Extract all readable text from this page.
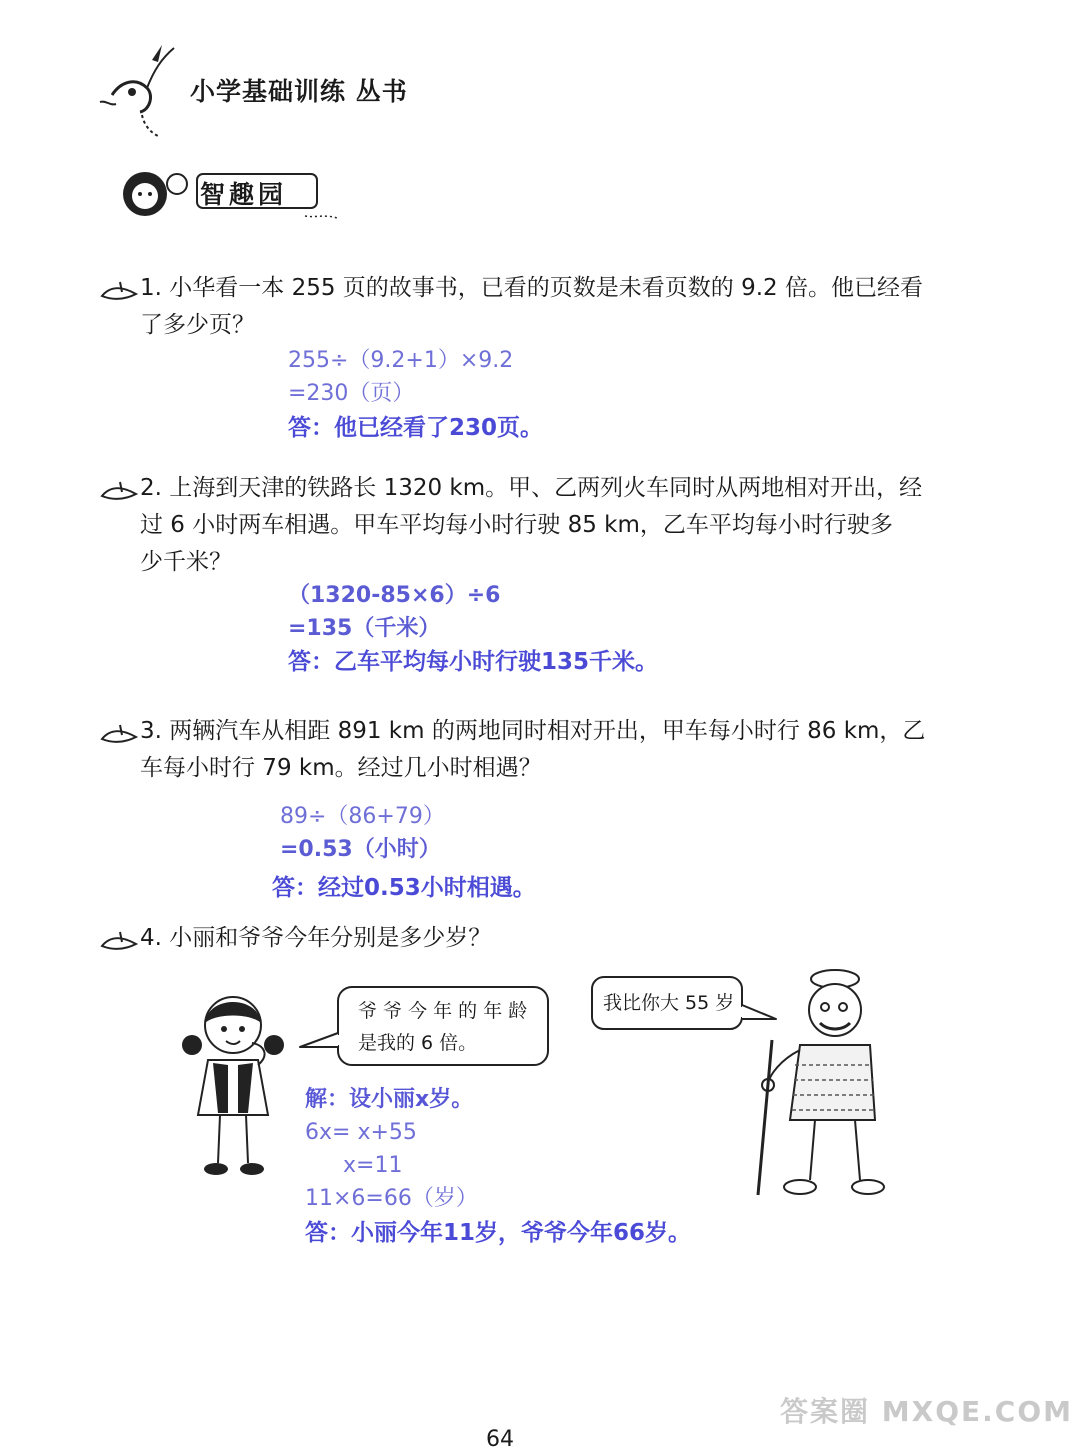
小学基础训练 丛书
智趣园
1. 小华看一本 255 页的故事书，已看的页数是未看页数的 9.2 倍。他已经看
了多少页？
255÷（9.2+1）×9.2
=230（页）
答：他已经看了230页。
2. 上海到天津的铁路长 1320 km。甲、乙两列火车同时从两地相对开出，经
过 6 小时两车相遇。甲车平均每小时行驶 85 km，乙车平均每小时行驶多
少千米？
（1320-85×6）÷6
=135（千米）
答：乙车平均每小时行驶135千米。
3. 两辆汽车从相距 891 km 的两地同时相对开出，甲车每小时行 86 km，乙
车每小时行 79 km。经过几小时相遇？
89÷（86+79）
=0.53（小时）
答：经过0.53小时相遇。
4. 小丽和爷爷今年分别是多少岁？
爷 爷 今 年 的 年 龄
是我的 6 倍。
我比你大 55 岁
解：设小丽x岁。
6x= x+55
x=11
11×6=66（岁）
答：小丽今年11岁，爷爷今年66岁。
64
答案圈 MXQE.COM
